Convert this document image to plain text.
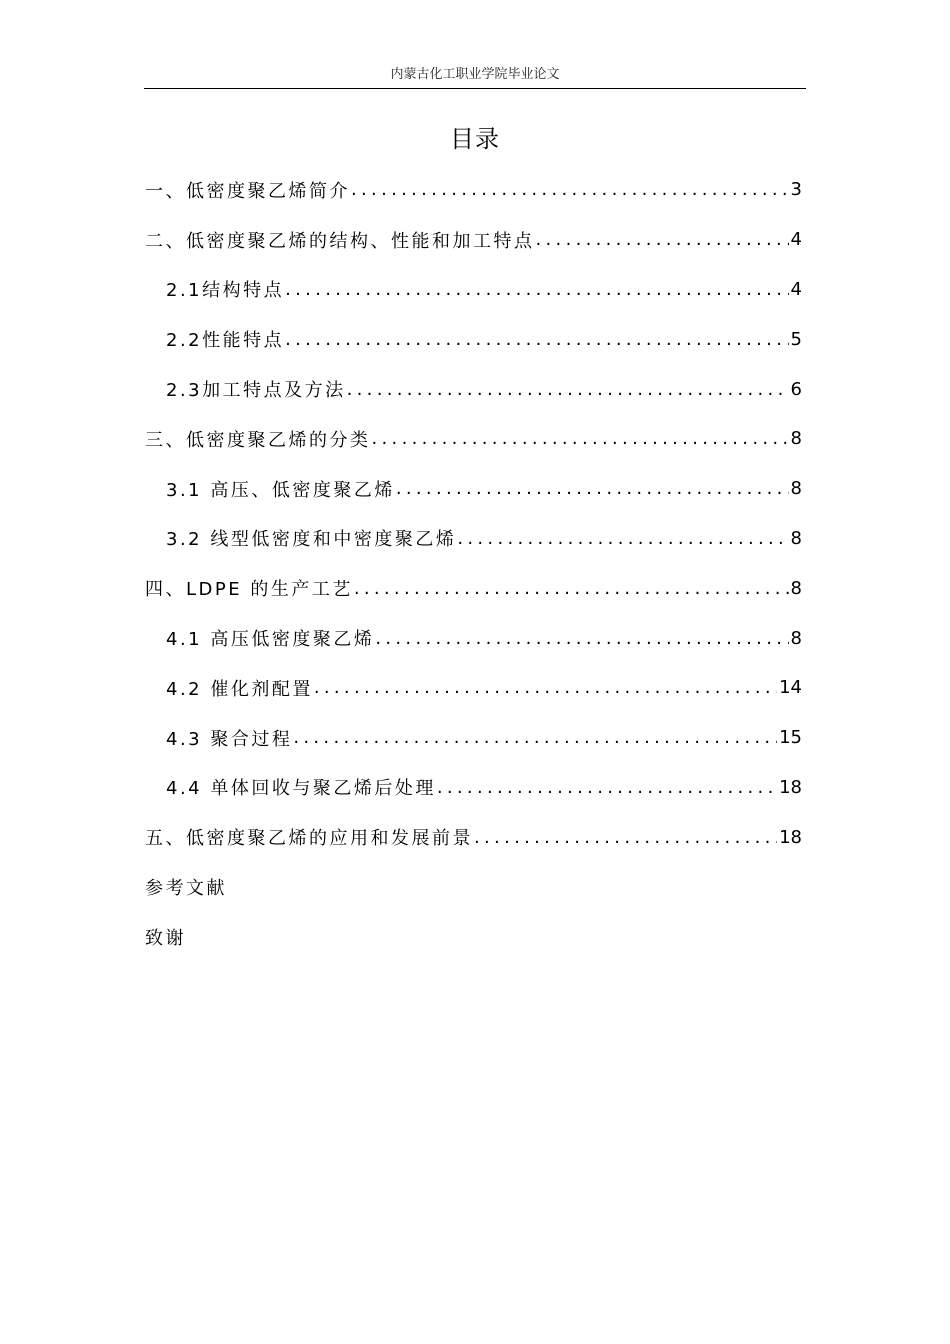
内蒙古化工职业学院毕业论文
目录
一、低密度聚乙烯简介 .....	3
二、低密度聚乙烯的结构、性能和加工特点 .....	4
2.1结构特点 .....	4
2.2性能特点 .....	5
2.3加工特点及方法 .....	6
三、低密度聚乙烯的分类 .....	8
3.1 高压、低密度聚乙烯 .....	8
3.2 线型低密度和中密度聚乙烯 .....	8
四、LDPE 的生产工艺 .....	8
4.1 高压低密度聚乙烯 .....	8
4.2 催化剂配置 .....	14
4.3 聚合过程 .....	15
4.4 单体回收与聚乙烯后处理 .....	18
五、低密度聚乙烯的应用和发展前景 .....	18
参考文献
致谢
